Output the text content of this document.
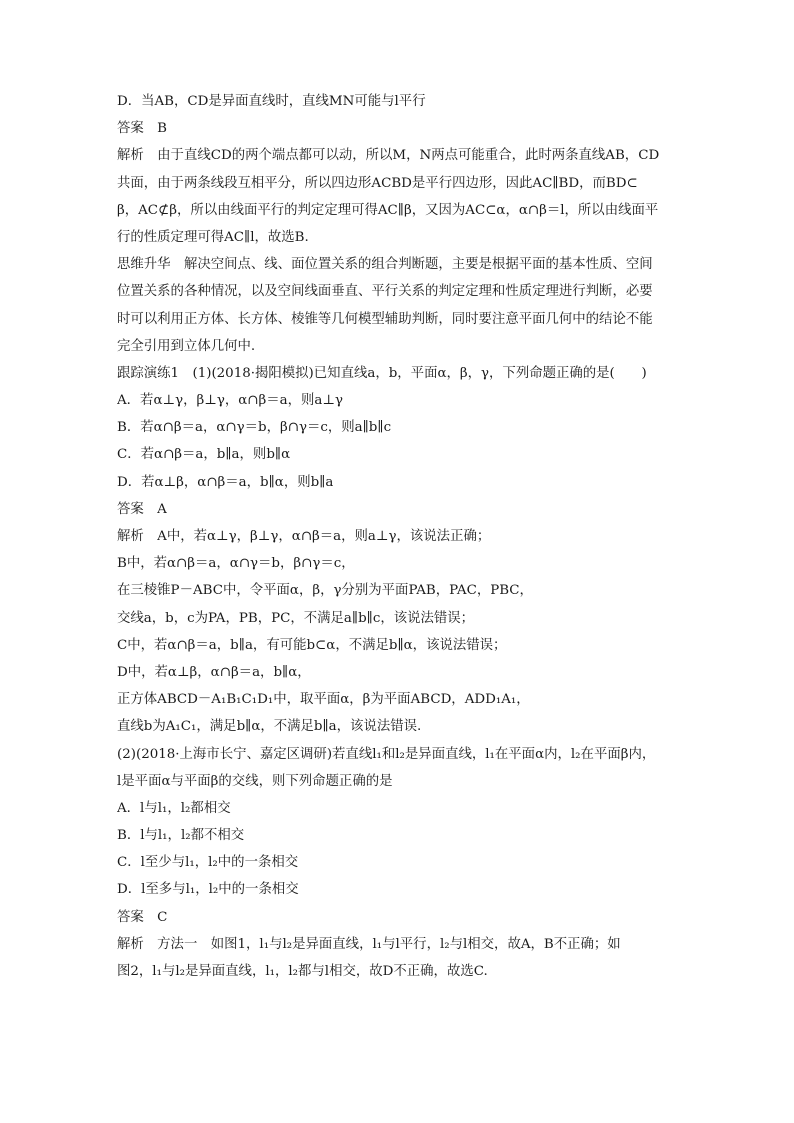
D．当AB，CD是异面直线时，直线MN可能与l平行
答案　B
解析　由于直线CD的两个端点都可以动，所以M，N两点可能重合，此时两条直线AB，CD
共面，由于两条线段互相平分，所以四边形ACBD是平行四边形，因此AC∥BD，而BD⊂
β，AC⊄β，所以由线面平行的判定定理可得AC∥β，又因为AC⊂α，α∩β＝l，所以由线面平
行的性质定理可得AC∥l，故选B.
思维升华　解决空间点、线、面位置关系的组合判断题，主要是根据平面的基本性质、空间
位置关系的各种情况，以及空间线面垂直、平行关系的判定定理和性质定理进行判断，必要
时可以利用正方体、长方体、棱锥等几何模型辅助判断，同时要注意平面几何中的结论不能
完全引用到立体几何中.
跟踪演练1　(1)(2018·揭阳模拟)已知直线a，b，平面α，β，γ，下列命题正确的是(　　)
A．若α⊥γ，β⊥γ，α∩β＝a，则a⊥γ
B．若α∩β＝a，α∩γ＝b，β∩γ＝c，则a∥b∥c
C．若α∩β＝a，b∥a，则b∥α
D．若α⊥β，α∩β＝a，b∥α，则b∥a
答案　A
解析　A中，若α⊥γ，β⊥γ，α∩β＝a，则a⊥γ，该说法正确；
B中，若α∩β＝a，α∩γ＝b，β∩γ＝c，
在三棱锥P－ABC中，令平面α，β，γ分别为平面PAB，PAC，PBC，
交线a，b，c为PA，PB，PC，不满足a∥b∥c，该说法错误；
C中，若α∩β＝a，b∥a，有可能b⊂α，不满足b∥α，该说法错误；
D中，若α⊥β，α∩β＝a，b∥α，
正方体ABCD－A₁B₁C₁D₁中，取平面α，β为平面ABCD，ADD₁A₁，
直线b为A₁C₁，满足b∥α，不满足b∥a，该说法错误.
(2)(2018·上海市长宁、嘉定区调研)若直线l₁和l₂是异面直线，l₁在平面α内，l₂在平面β内，
l是平面α与平面β的交线，则下列命题正确的是
A．l与l₁，l₂都相交
B．l与l₁，l₂都不相交
C．l至少与l₁，l₂中的一条相交
D．l至多与l₁，l₂中的一条相交
答案　C
解析　方法一　如图1，l₁与l₂是异面直线，l₁与l平行，l₂与l相交，故A，B不正确；如
图2，l₁与l₂是异面直线，l₁，l₂都与l相交，故D不正确，故选C.
